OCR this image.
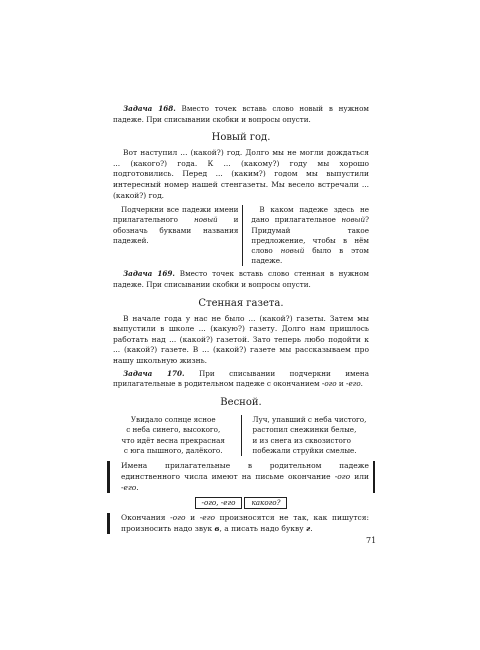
Задача 168. Вместо точек вставь слово новый в нужном падеже. При списывании скобки и вопросы опусти.

Новый год.

Вот наступил ... (какой?) год. Долго мы не могли дождаться ... (какого?) года. К ... (какому?) году мы хорошо подготовились. Перед ... (каким?) годом мы выпустили интересный номер нашей стенгазеты. Мы весело встречали ... (какой?) год.

Подчеркни все падежи имени прилагательного новый и обозначь буквами названия падежей.
В каком падеже здесь не дано прилагательное новый? Придумай такое предложение, чтобы в нём слово новый было в этом падеже.

Задача 169. Вместо точек вставь слово стенная в нужном падеже. При списывании скобки и вопросы опусти.

Стенная газета.

В начале года у нас не было ... (какой?) газеты. Затем мы выпустили в школе ... (какую?) газету. Долго нам пришлось работать над ... (какой?) газетой. Зато теперь любо подойти к ... (какой?) газете. В ... (какой?) газете мы рассказываем про нашу школьную жизнь.

Задача 170. При списывании подчеркни имена прилагательные в родительном падеже с окончанием -ого и -его.

Весной.
Увидало солнце ясное
с неба синего, высокого,
что идёт весна прекрасная
с юга пышного, далёкого.
Луч, упавший с неба чистого,
растопил снежинки белые,
и из снега из сквозистого
побежали струйки смелые.
Имена прилагательные в родительном падеже единственного числа имеют на письме окончание -ого или -его.
-ого, -его	какого?
Окончания -ого и -его произносятся не так, как пишутся: произносить надо звук в, а писать надо букву г.
71
